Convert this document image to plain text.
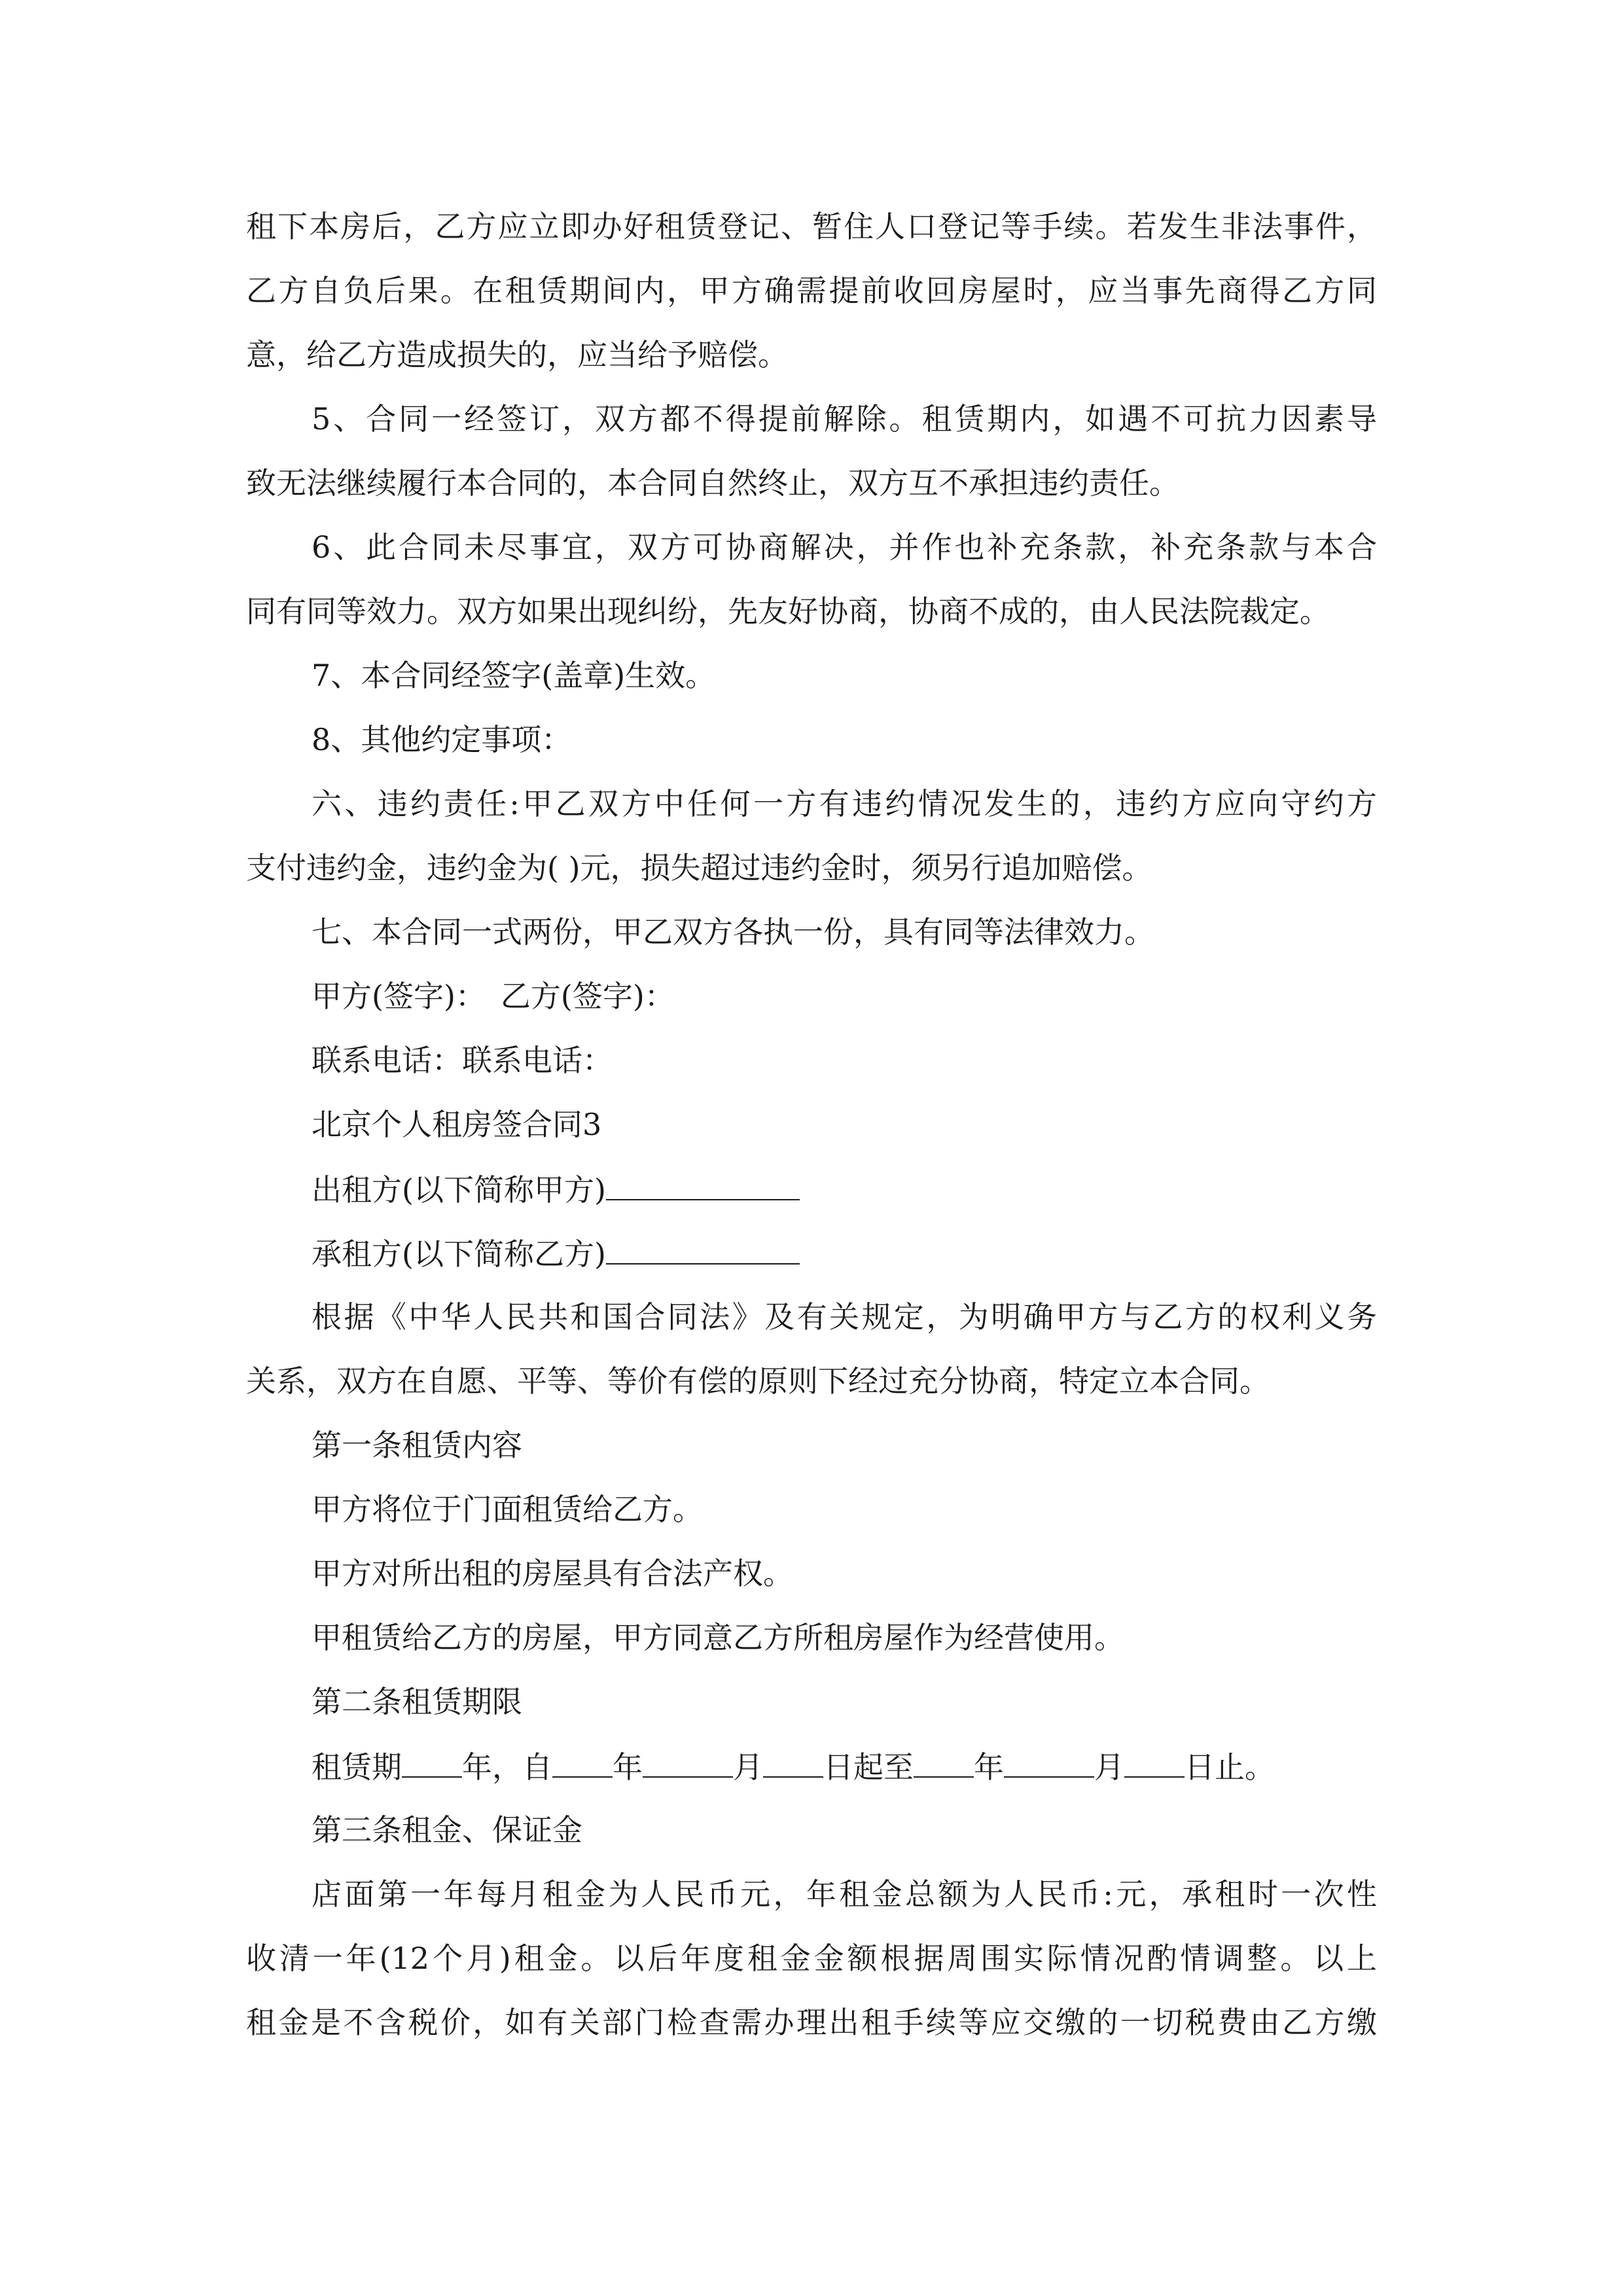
租下本房后，乙方应立即办好租赁登记、暂住人口登记等手续。若发生非法事件，
乙方自负后果。在租赁期间内，甲方确需提前收回房屋时，应当事先商得乙方同
意，给乙方造成损失的，应当给予赔偿。
5、合同一经签订，双方都不得提前解除。租赁期内，如遇不可抗力因素导
致无法继续履行本合同的，本合同自然终止，双方互不承担违约责任。
6、此合同未尽事宜，双方可协商解决，并作也补充条款，补充条款与本合
同有同等效力。双方如果出现纠纷，先友好协商，协商不成的，由人民法院裁定。
7、本合同经签字(盖章)生效。
8、其他约定事项：
六、违约责任:甲乙双方中任何一方有违约情况发生的，违约方应向守约方
支付违约金，违约金为( )元，损失超过违约金时，须另行追加赔偿。
七、本合同一式两份，甲乙双方各执一份，具有同等法律效力。
甲方(签字)：　乙方(签字)：
联系电话：联系电话：
北京个人租房签合同3
出租方(以下简称甲方)
承租方(以下简称乙方)
根据《中华人民共和国合同法》及有关规定，为明确甲方与乙方的权利义务
关系，双方在自愿、平等、等价有偿的原则下经过充分协商，特定立本合同。
第一条租赁内容
甲方将位于门面租赁给乙方。
甲方对所出租的房屋具有合法产权。
甲租赁给乙方的房屋，甲方同意乙方所租房屋作为经营使用。
第二条租赁期限
租赁期 年，自 年	月 日起至 年	月 日止。
第三条租金、保证金
店面第一年每月租金为人民币元，年租金总额为人民币:元，承租时一次性
收清一年(12个月)租金。以后年度租金金额根据周围实际情况酌情调整。以上
租金是不含税价，如有关部门检查需办理出租手续等应交缴的一切税费由乙方缴
